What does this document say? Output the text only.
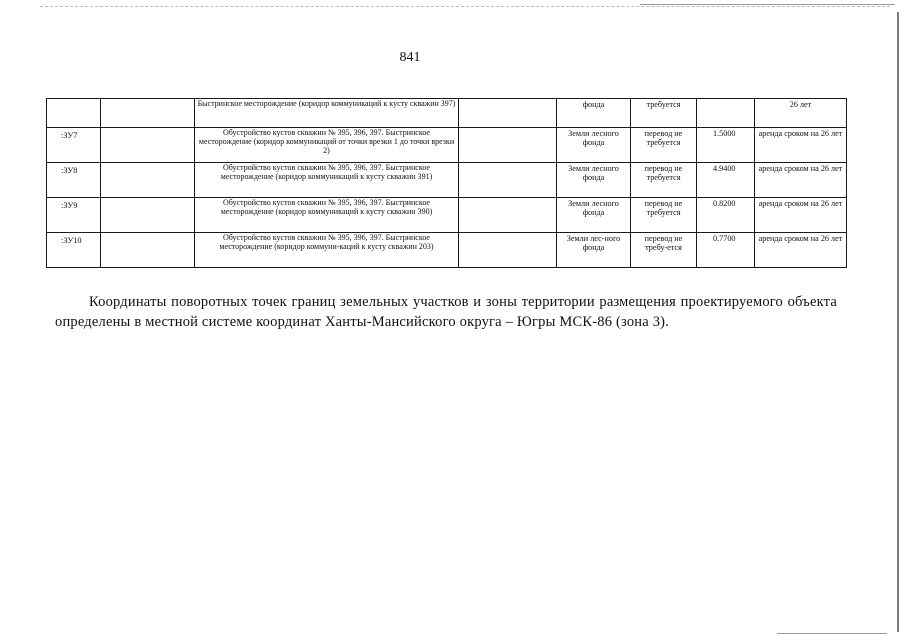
841
		Быстринское месторождение (коридор коммуникаций к кусту скважин 397)		фонда	требуется		26 лет
:ЗУ7		Обустройство кустов скважин № 395, 396, 397. Быстринское месторождение (коридор коммуникаций от точки врезки 1 до точки врезки 2)		Земли лесного фонда	перевод не требуется	1.5000	аренда сроком на 26 лет
:ЗУ8		Обустройство кустов скважин № 395, 396, 397. Быстринское месторождение (коридор коммуникаций к кусту скважин 391)		Земли лесного фонда	перевод не требуется	4.9400	аренда сроком на 26 лет
:ЗУ9		Обустройство кустов скважин № 395, 396, 397. Быстринское месторождение (коридор коммуникаций к кусту скважин 390)		Земли лесного фонда	перевод не требуется	0.8200	аренда сроком на 26 лет
:ЗУ10		Обустройство кустов скважин № 395, 396, 397. Быстринское месторождение (коридор коммуни-каций к кусту скважин 203)		Земли лес-ного фонда	перевод не требу-ется	0.7700	аренда сроком на 26 лет

Координаты поворотных точек границ земельных участков и зоны территории размещения проектируемого объекта определены в местной системе координат Ханты-Мансийского округа – Югры МСК-86 (зона 3).
